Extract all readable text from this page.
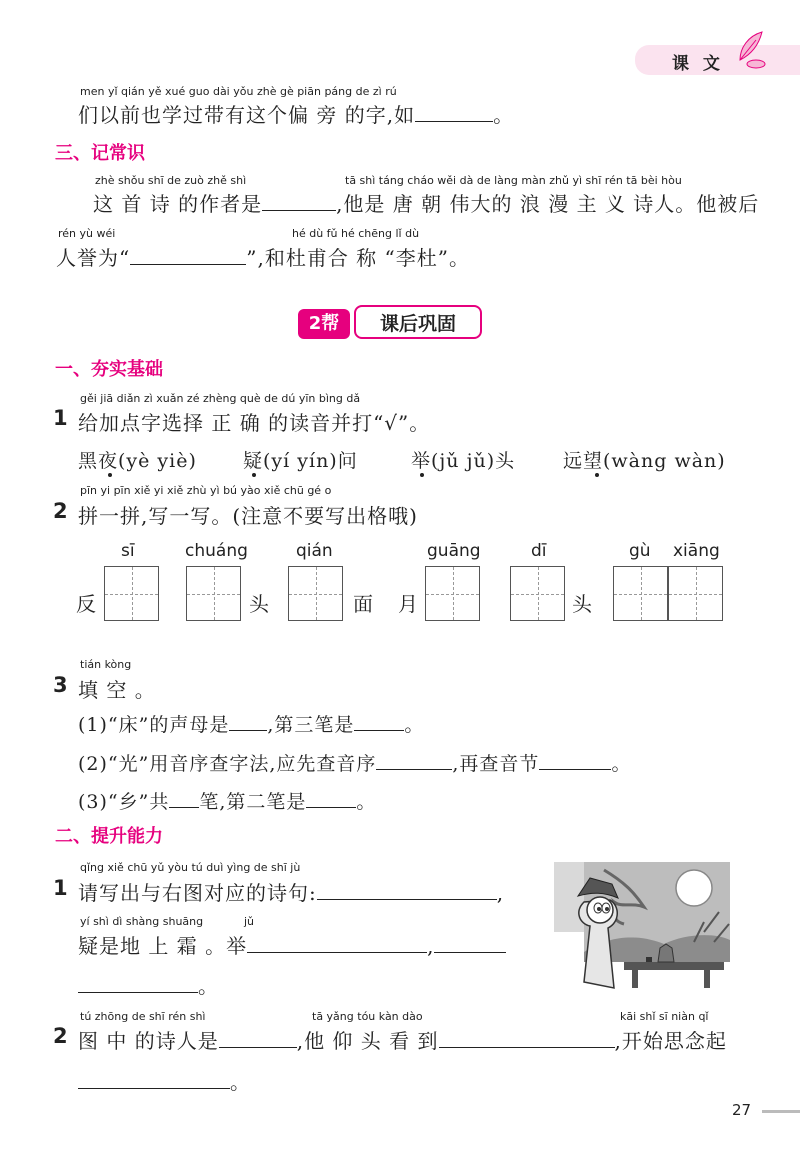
课 文
men yǐ qián yě xué guo dài yǒu zhè gè piān páng de zì rú
们以前也学过带有这个偏 旁 的字,如	。
三、记常识
zhè shǒu shī de zuò zhě shì	tā shì táng cháo wěi dà de làng màn zhǔ yì shī rén tā bèi hòu
这 首 诗 的作者是	,他是 唐 朝 伟大的 浪 漫 主 义 诗人。他被后
rén yù wéi	hé dù fǔ hé chēng lǐ dù
人誉为“	”,和杜甫合 称 “李杜”。
2帮	课后巩固
一、夯实基础
gěi jiā diǎn zì xuǎn zé zhèng què de dú yīn bìng dǎ
1 给加点字选择 正 确 的读音并打“√”。
黑夜(yè yiè) 疑(yí yín)问	举(jǔ jǔ)头	远望(wàng wàn)
pīn yi pīn xiě yi xiě zhù yì bú yào xiě chū gé o
2 拼一拼,写一写。(注意不要写出格哦)
sī	chuáng	qián	guāng	dī	gù xiāng
反	头	面 月	头
tián kòng
3 填 空 。
(1)“床”的声母是 ,第三笔是	。
(2)“光”用音序查字法,应先查音序	,再查音节	。
(3)“乡”共 笔,第二笔是	。
二、提升能力
qǐng xiě chū yǔ yòu tú duì yìng de shī jù
1 请写出与右图对应的诗句:	,
yí shì dì shàng shuāng	jǔ
疑是地 上 霜 。举	,
。
tú zhōng de shī rén shì	tā yǎng tóu kàn dào	kāi shǐ sī niàn qǐ
2 图 中 的诗人是	,他 仰 头 看 到	,开始思念起
。
27
